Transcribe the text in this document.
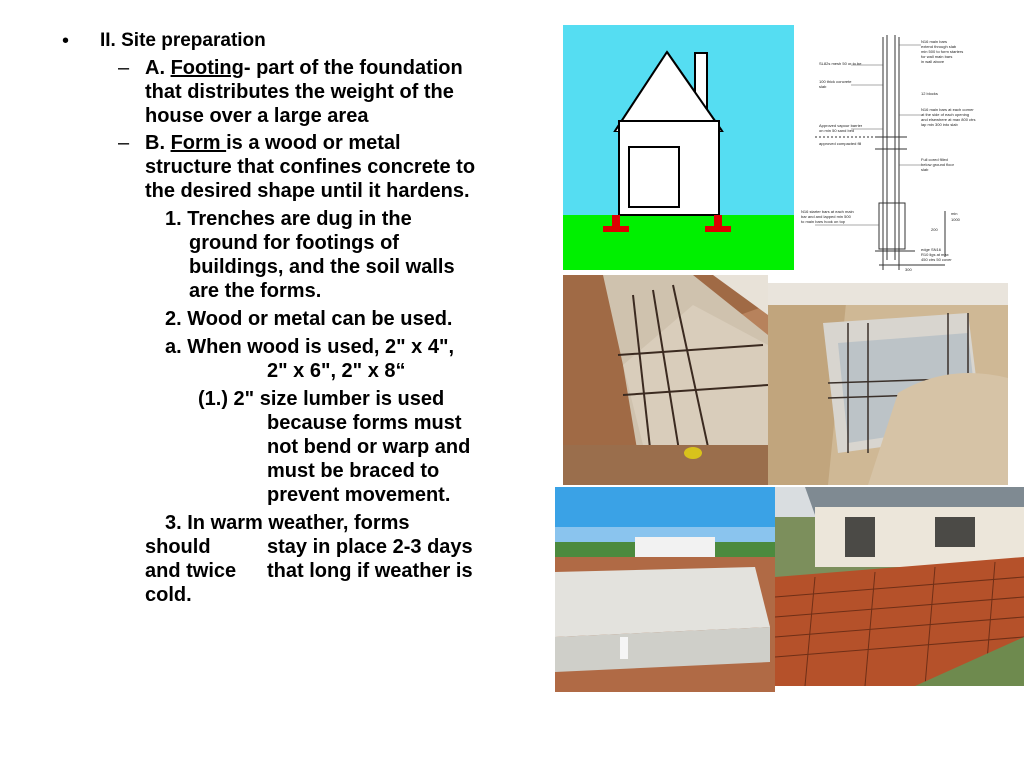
• II. Site preparation
– A. Footing- part of the foundation
that distributes the weight of the
house over a large area
– B. Form is a wood or metal
structure that confines concrete to
the desired shape until it hardens.
1. Trenches are dug in the
ground for footings of
buildings, and the soil walls
are the forms.
2. Wood or metal can be used.
a. When wood is used, 2" x 4",
2" x 6", 2" x 8“
(1.) 2" size lumber is used
because forms must
not bend or warp and
must be braced to
prevent movement.
3. In warm weather, forms
should	stay in place 2-3 days
and twice that long if weather is
cold.
N16 main bars
extend through slab
min 500 to form starters
for wall main bars
in wall above
SL82s mesh 50 or to be
100 thick concrete
slab
Approved vapour barrier
on min 50 sand bed
approved compacted fill
12 blocks
N16 main bars at each corner
at the side of each opening
and elsewhere at max 800 ctrs
lap min 300 into slab
Full cored filled
below ground floor
slab
N16 starter bars at each main
bar and and lapped min 500
to main bars hook on top
min
1000
200
edge SN16
R10 ligs at max
450 ctrs 50 cover
300
